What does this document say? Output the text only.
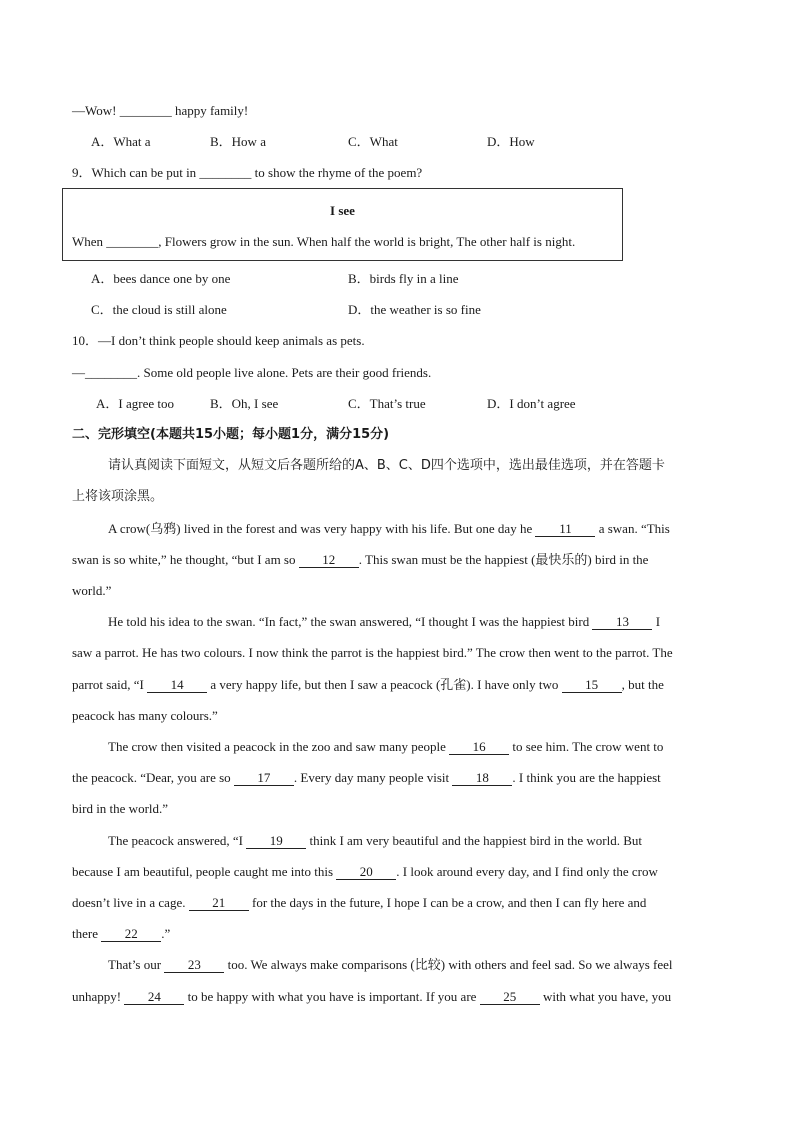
—Wow! ________ happy family!
A．What a	B．How a	C．What	D．How
9．Which can be put in ________ to show the rhyme of the poem?
I see
When ________, Flowers grow in the sun. When half the world is bright, The other half is night.
A．bees dance one by one	B．birds fly in a line
C．the cloud is still alone	D．the weather is so fine
10．—I don’t think people should keep animals as pets.
—________. Some old people live alone. Pets are their good friends.
A．I agree too	B．Oh, I see	C．That’s true	D．I don’t agree
二、完形填空(本题共15小题；每小题1分，满分15分)
请认真阅读下面短文，从短文后各题所给的A、B、C、D四个选项中，选出最佳选项，并在答题卡
上将该项涂黑。
A crow(乌鸦) lived in the forest and was very happy with his life. But one day he 11 a swan. “This
swan is so white,” he thought, “but I am so 12 . This swan must be the happiest (最快乐的) bird in the
world.”
He told his idea to the swan. “In fact,” the swan answered, “I thought I was the happiest bird 13 I
saw a parrot. He has two colours. I now think the parrot is the happiest bird.” The crow then went to the parrot. The
parrot said, “I 14 a very happy life, but then I saw a peacock (孔雀). I have only two 15 , but the
peacock has many colours.”
The crow then visited a peacock in the zoo and saw many people 16 to see him. The crow went to
the peacock. “Dear, you are so 17 . Every day many people visit 18 . I think you are the happiest
bird in the world.”
The peacock answered, “I 19 think I am very beautiful and the happiest bird in the world. But
because I am beautiful, people caught me into this 20 . I look around every day, and I find only the crow
doesn’t live in a cage. 21 for the days in the future, I hope I can be a crow, and then I can fly here and
there 22 .”
That’s our 23 too. We always make comparisons (比较) with others and feel sad. So we always feel
unhappy! 24 to be happy with what you have is important. If you are 25 with what you have, you
